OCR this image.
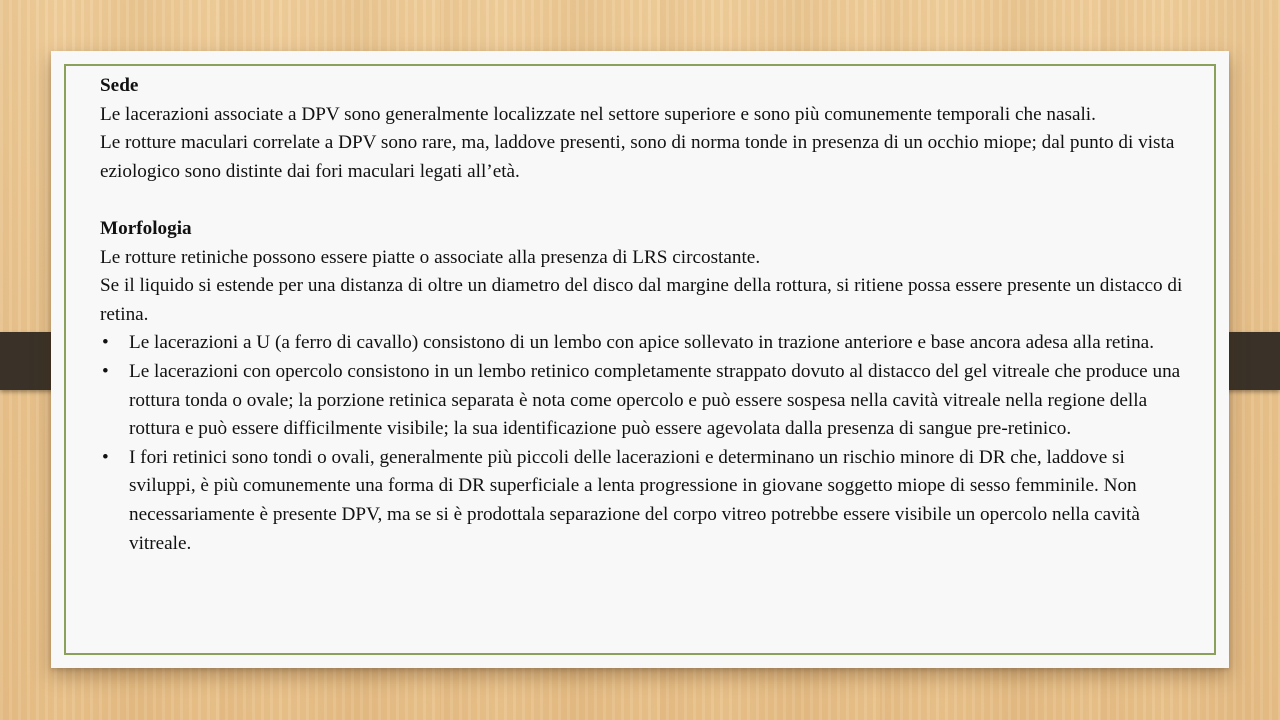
Sede

Le lacerazioni associate a DPV sono generalmente localizzate nel settore superiore e sono più comunemente temporali che nasali.

Le rotture maculari correlate a DPV sono rare, ma, laddove presenti, sono di norma tonde in presenza di un occhio miope; dal punto di vista eziologico sono distinte dai fori maculari legati all’età.

Morfologia

Le rotture retiniche possono essere piatte o associate alla presenza di LRS circostante.

Se il liquido si estende per una distanza di oltre un diametro del disco dal margine della rottura, si ritiene possa essere presente un distacco di retina.

• Le lacerazioni a U (a ferro di cavallo) consistono di un lembo con apice sollevato in trazione anteriore e base ancora adesa alla retina.
• Le lacerazioni con opercolo consistono in un lembo retinico completamente strappato dovuto al distacco del gel vitreale che produce una rottura tonda o ovale; la porzione retinica separata è nota come opercolo e può essere sospesa nella cavità vitreale nella regione della rottura e può essere difficilmente visibile; la sua identificazione può essere agevolata dalla presenza di sangue pre-retinico.
• I fori retinici sono tondi o ovali, generalmente più piccoli delle lacerazioni e determinano un rischio minore di DR che, laddove si sviluppi, è più comunemente una forma di DR superficiale a lenta progressione in giovane soggetto miope di sesso femminile. Non necessariamente è presente DPV, ma se si è prodottala separazione del corpo vitreo potrebbe essere visibile un opercolo nella cavità vitreale.
